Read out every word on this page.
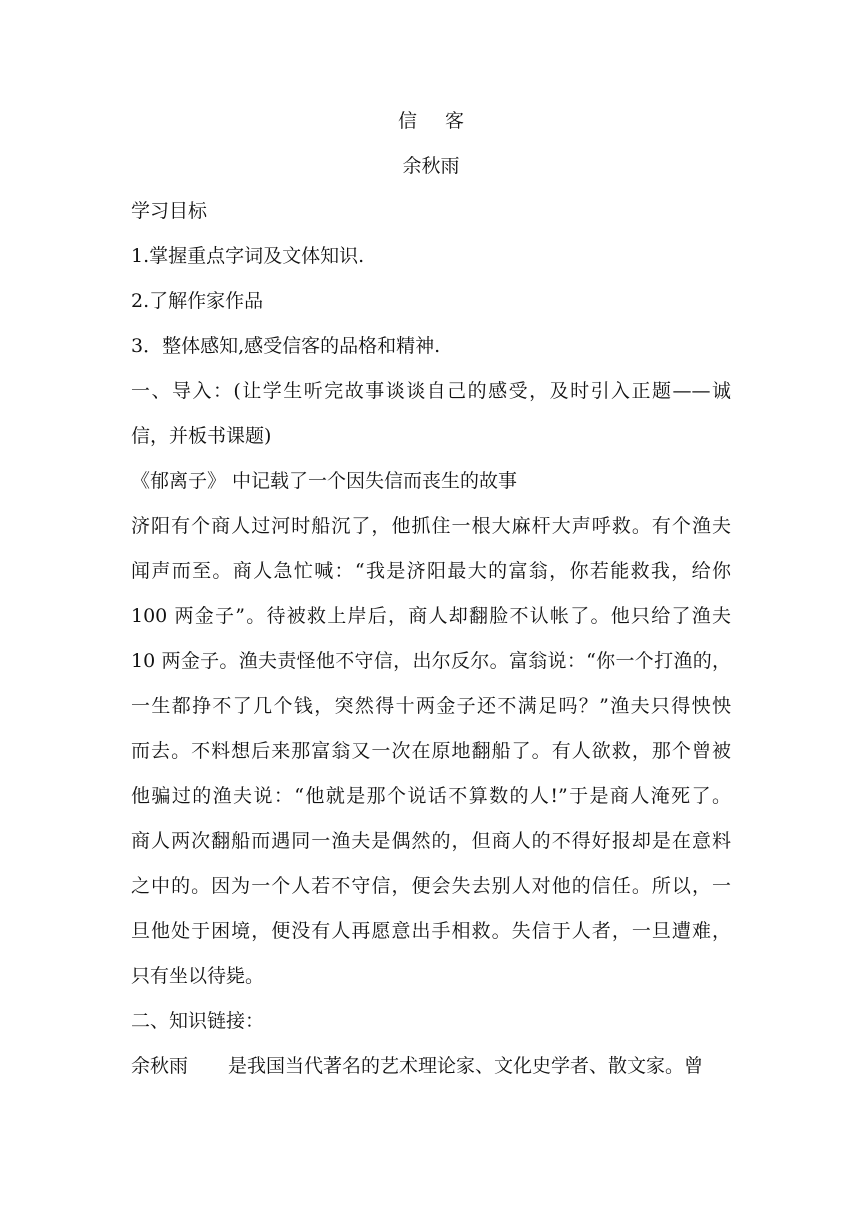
信客
余秋雨
学习目标
1.掌握重点字词及文体知识.
2.了解作家作品
3．整体感知,感受信客的品格和精神.
一、导入：(让学生听完故事谈谈自己的感受，及时引入正题——诚
信，并板书课题)
《郁离子》 中记载了一个因失信而丧生的故事
济阳有个商人过河时船沉了，他抓住一根大麻杆大声呼救。有个渔夫
闻声而至。商人急忙喊：“我是济阳最大的富翁，你若能救我，给你
100 两金子”。待被救上岸后，商人却翻脸不认帐了。他只给了渔夫
10 两金子。渔夫责怪他不守信，出尔反尔。富翁说：“你一个打渔的，
一生都挣不了几个钱，突然得十两金子还不满足吗？”渔夫只得怏怏
而去。不料想后来那富翁又一次在原地翻船了。有人欲救，那个曾被
他骗过的渔夫说：“他就是那个说话不算数的人!”于是商人淹死了。
商人两次翻船而遇同一渔夫是偶然的，但商人的不得好报却是在意料
之中的。因为一个人若不守信，便会失去别人对他的信任。所以，一
旦他处于困境，便没有人再愿意出手相救。失信于人者，一旦遭难，
只有坐以待毙。
二、知识链接：
余秋雨 是我国当代著名的艺术理论家、文化史学者、散文家。曾
